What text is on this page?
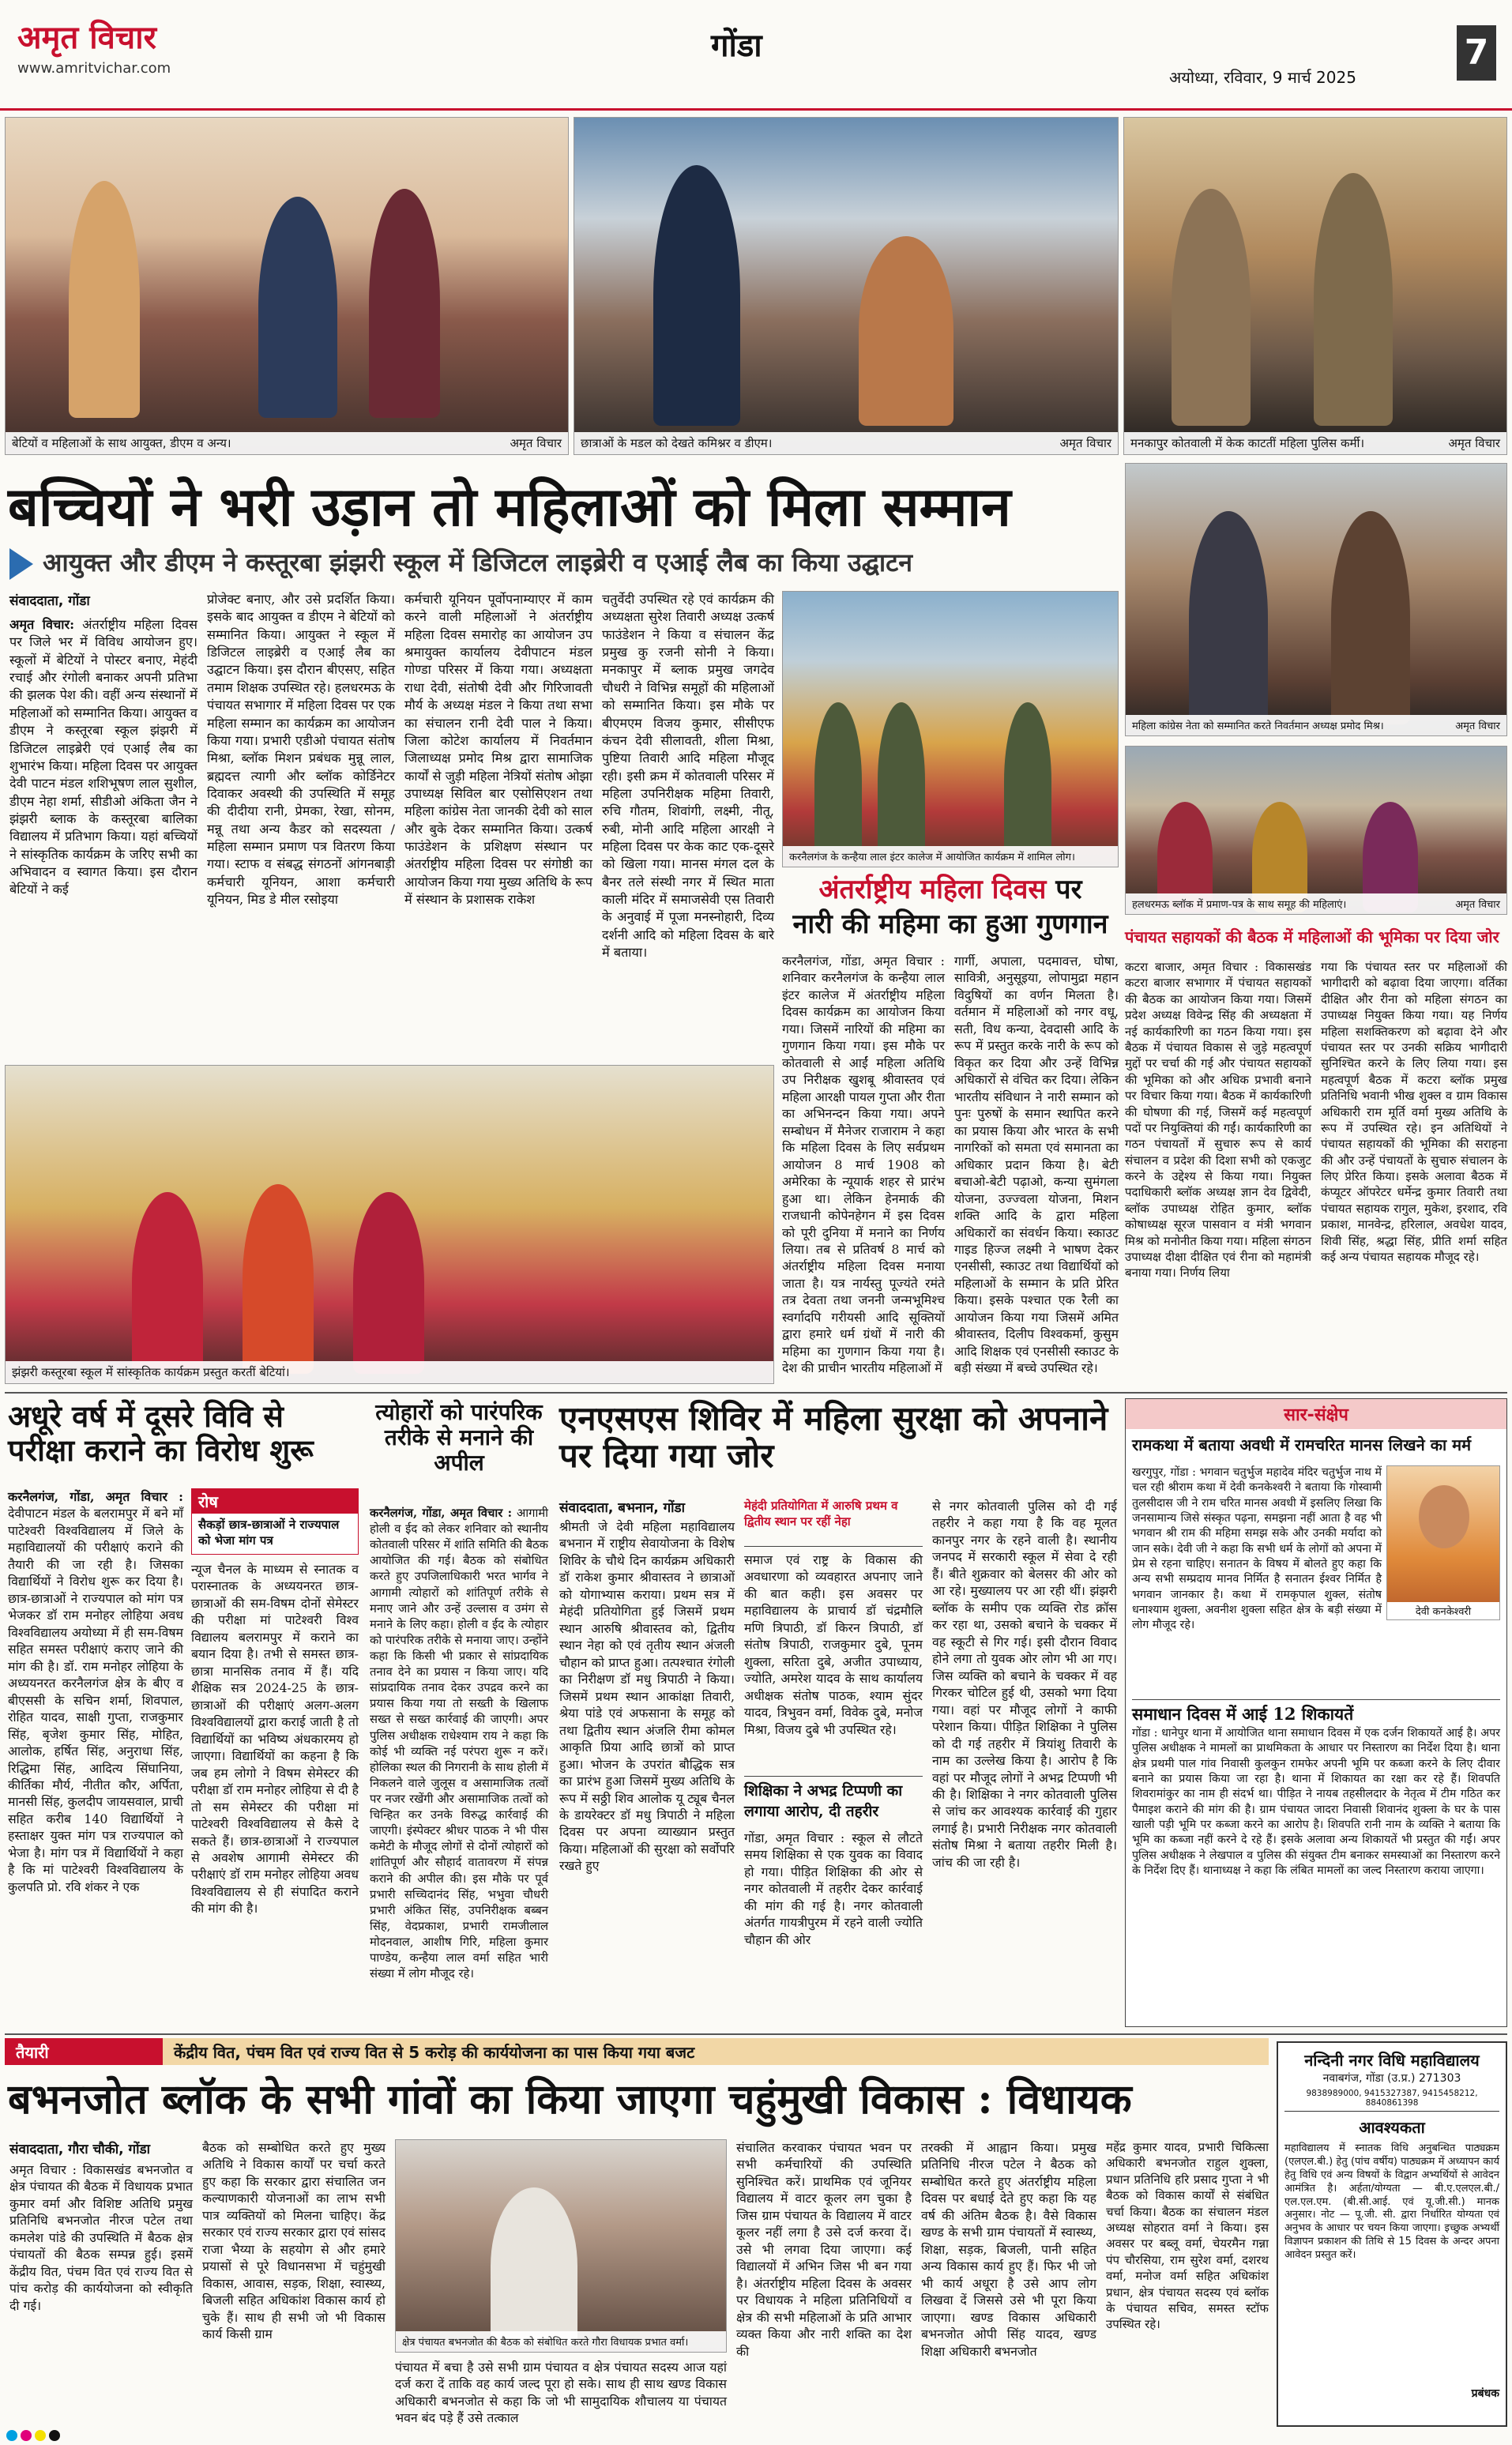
अमृत विचार
www.amritvichar.com
गोंडा
अयोध्या, रविवार, 9 मार्च 2025
7
बेटियों व महिलाओं के साथ आयुक्त, डीएम व अन्य।	अमृत विचार छात्राओं के मडल को देखते कमिश्नर व डीएम।	अमृत विचार मनकापुर कोतवाली में केक काटतीं महिला पुलिस कर्मी।	अमृत विचार
बच्चियों ने भरी उड़ान तो महिलाओं को मिला सम्मान
आयुक्त और डीएम ने कस्तूरबा झंझरी स्कूल में डिजिटल लाइब्रेरी व एआई लैब का किया उद्घाटन
संवाददाता, गोंडा
अमृत विचार: अंतर्राष्ट्रीय महिला दिवस पर जिले भर में विविध आयोजन हुए। स्कूलों में बेटियों ने पोस्टर बनाए, मेहंदी रचाई और रंगोली बनाकर अपनी प्रतिभा की झलक पेश की। वहीं अन्य संस्थानों में महिलाओं को सम्मानित किया। आयुक्त व डीएम ने कस्तूरबा स्कूल झंझरी में डिजिटल लाइब्रेरी एवं एआई लैब का शुभारंभ किया। महिला दिवस पर आयुक्त देवी पाटन मंडल शशिभूषण लाल सुशील, डीएम नेहा शर्मा, सीडीओ अंकिता जैन ने झंझरी ब्लाक के कस्तूरबा बालिका विद्यालय में प्रतिभाग किया। यहां बच्चियों ने सांस्कृतिक कार्यक्रम के जरिए सभी का अभिवादन व स्वागत किया। इस दौरान बेटियों ने कई
प्रोजेक्ट बनाए, और उसे प्रदर्शित किया। इसके बाद आयुक्त व डीएम ने बेटियों को सम्मानित किया। आयुक्त ने स्कूल में डिजिटल लाइब्रेरी व एआई लैब का उद्घाटन किया। इस दौरान बीएसए, सहित तमाम शिक्षक उपस्थित रहे। हलधरमऊ के पंचायत सभागार में महिला दिवस पर एक महिला सम्मान का कार्यक्रम का आयोजन किया गया। प्रभारी एडीओ पंचायत संतोष मिश्रा, ब्लॉक मिशन प्रबंधक मुन्नू लाल, ब्रह्मदत्त त्यागी और ब्लॉक कोर्डिनेटर दिवाकर अवस्थी की उपस्थिति में समूह की दीदीया रानी, प्रेमका, रेखा, सोनम, मन्नू तथा अन्य कैडर को सदस्यता / महिला सम्मान प्रमाण पत्र वितरण किया गया। स्टाफ व संबद्ध संगठनों आंगनबाड़ी कर्मचारी यूनियन, आशा कर्मचारी यूनियन, मिड डे मील रसोइया
कर्मचारी यूनियन पूर्वोपनाम्याएर में काम करने वाली महिलाओं ने अंतर्राष्ट्रीय महिला दिवस समारोह का आयोजन उप श्रमायुक्त कार्यालय देवीपाटन मंडल गोण्डा परिसर में किया गया। अध्यक्षता राधा देवी, संतोषी देवी और गिरिजावती मौर्य के अध्यक्ष मंडल ने किया तथा सभा का संचालन रानी देवी पाल ने किया। जिला कोटेश कार्यालय में निवर्तमान जिलाध्यक्ष प्रमोद मिश्र द्वारा सामाजिक कार्यों से जुड़ी महिला नेत्रियों संतोष ओझा उपाध्यक्ष सिविल बार एसोसिएशन तथा महिला कांग्रेस नेता जानकी देवी को साल और बुके देकर सम्मानित किया। उत्कर्ष फाउंडेशन के प्रशिक्षण संस्थान पर अंतर्राष्ट्रीय महिला दिवस पर संगोष्ठी का आयोजन किया गया मुख्य अतिथि के रूप में संस्थान के प्रशासक राकेश
चतुर्वेदी उपस्थित रहे एवं कार्यक्रम की अध्यक्षता सुरेश तिवारी अध्यक्ष उत्कर्ष फाउंडेशन ने किया व संचालन केंद्र प्रमुख कु रजनी सोनी ने किया। मनकापुर में ब्लाक प्रमुख जगदेव चौधरी ने विभिन्न समूहों की महिलाओं को सम्मानित किया। इस मौके पर बीएमएम विजय कुमार, सीसीएफ कंचन देवी सीलावती, शीला मिश्रा, पुष्टिया तिवारी आदि महिला मौजूद रही। इसी क्रम में कोतवाली परिसर में महिला उपनिरीक्षक महिमा तिवारी, रुचि गौतम, शिवांगी, लक्ष्मी, नीतू, रुबी, मोनी आदि महिला आरक्षी ने महिला दिवस पर केक काट एक-दूसरे को खिला गया। मानस मंगल दल के बैनर तले संस्थी नगर में स्थित माता काली मंदिर में समाजसेवी एस तिवारी के अनुवाई में पूजा मनस्नोहारी, दिव्य दर्शनी आदि को महिला दिवस के बारे में बताया।
करनैलगंज के कन्हैया लाल इंटर कालेज में आयोजित कार्यक्रम में शामिल लोग।
अंतर्राष्ट्रीय महिला दिवस पर
नारी की महिमा का हुआ गुणगान
करनैलगंज, गोंडा, अमृत विचार : शनिवार करनैलगंज के कन्हैया लाल इंटर कालेज में अंतर्राष्ट्रीय महिला दिवस कार्यक्रम का आयोजन किया गया। जिसमें नारियों की महिमा का गुणगान किया गया। इस मौके पर कोतवाली से आईं महिला अतिथि उप निरीक्षक खुशबू श्रीवास्तव एवं महिला आरक्षी पायल गुप्ता और रीता का अभिनन्दन किया गया। अपने सम्बोधन में मैनेजर राजाराम ने कहा कि महिला दिवस के लिए सर्वप्रथम आयोजन 8 मार्च 1908 को अमेरिका के न्यूयार्क शहर से प्रारंभ हुआ था। लेकिन हेनमार्क की राजधानी कोपेनहेगन में इस दिवस को पूरी दुनिया में मनाने का निर्णय लिया। तब से प्रतिवर्ष 8 मार्च को अंतर्राष्ट्रीय महिला दिवस मनाया जाता है। यत्र नार्यस्तु पूज्यंते रमंते तत्र देवता तथा जननी जन्मभूमिश्च स्वर्गादपि गरीयसी आदि सूक्तियों द्वारा हमारे धर्म ग्रंथों में नारी की महिमा का गुणगान किया गया है। देश की प्राचीन भारतीय महिलाओं में
गार्गी, अपाला, पदमावत्त, घोषा, सावित्री, अनुसूइया, लोपामुद्रा महान विदुषियों का वर्णन मिलता है। वर्तमान में महिलाओं को नगर वधू, सती, विध कन्या, देवदासी आदि के रूप में प्रस्तुत करके नारी के रूप को विकृत कर दिया और उन्हें विभिन्न अधिकारों से वंचित कर दिया। लेकिन भारतीय संविधान ने नारी सम्मान को पुनः पुरुषों के समान स्थापित करने का प्रयास किया और भारत के सभी नागरिकों को समता एवं समानता का अधिकार प्रदान किया है। बेटी बचाओ-बेटी पढ़ाओ, कन्या सुमंगला योजना, उज्ज्वला योजना, मिशन शक्ति आदि के द्वारा महिला अधिकारों का संवर्धन किया। स्काउट गाइड हिज्ज लक्ष्मी ने भाषण देकर एनसीसी, स्काउट तथा विद्यार्थियों को महिलाओं के सम्मान के प्रति प्रेरित किया। इसके पश्चात एक रैली का आयोजन किया गया जिसमें अमित श्रीवास्तव, दिलीप विश्वकर्मा, कुसुम आदि शिक्षक एवं एनसीसी स्काउट के बड़ी संख्या में बच्चे उपस्थित रहे।
झंझरी कस्तूरबा स्कूल में सांस्कृतिक कार्यक्रम प्रस्तुत करतीं बेटियां।
महिला कांग्रेस नेता को सम्मानित करते निवर्तमान अध्यक्ष प्रमोद मिश्र।	अमृत विचार
हलधरमऊ ब्लॉक में प्रमाण-पत्र के साथ समूह की महिलाएं।	अमृत विचार
पंचायत सहायकों की बैठक में महिलाओं की भूमिका पर दिया जोर
कटरा बाजार, अमृत विचार : विकासखंड कटरा बाजार सभागार में पंचायत सहायकों की बैठक का आयोजन किया गया। जिसमें प्रदेश अध्यक्ष विवेन्द्र सिंह की अध्यक्षता में नई कार्यकारिणी का गठन किया गया। इस बैठक में पंचायत विकास से जुड़े महत्वपूर्ण मुद्दों पर चर्चा की गई और पंचायत सहायकों की भूमिका को और अधिक प्रभावी बनाने पर विचार किया गया। बैठक में कार्यकारिणी की घोषणा की गई, जिसमें कई महत्वपूर्ण पदों पर नियुक्तियां की गईं। कार्यकारिणी का गठन पंचायतों में सुचारु रूप से कार्य संचालन व प्रदेश की दिशा सभी को एकजुट करने के उद्देश्य से किया गया। नियुक्त पदाधिकारी ब्लॉक अध्यक्ष ज्ञान देव द्विवेदी, ब्लॉक उपाध्यक्ष रोहित कुमार, ब्लॉक कोषाध्यक्ष सूरज पासवान व मंत्री भगवान मिश्र को मनोनीत किया गया। महिला संगठन उपाध्यक्ष दीक्षा दीक्षित एवं रीना को महामंत्री बनाया गया। निर्णय लिया
गया कि पंचायत स्तर पर महिलाओं की भागीदारी को बढ़ावा दिया जाएगा। वर्तिका दीक्षित और रीना को महिला संगठन का उपाध्यक्ष नियुक्त किया गया। यह निर्णय महिला सशक्तिकरण को बढ़ावा देने और पंचायत स्तर पर उनकी सक्रिय भागीदारी सुनिश्चित करने के लिए लिया गया। इस महत्वपूर्ण बैठक में कटरा ब्लॉक प्रमुख प्रतिनिधि भवानी भीख शुक्ल व ग्राम विकास अधिकारी राम मूर्ति वर्मा मुख्य अतिथि के रूप में उपस्थित रहे। इन अतिथियों ने पंचायत सहायकों की भूमिका की सराहना की और उन्हें पंचायतों के सुचारु संचालन के लिए प्रेरित किया। इसके अलावा बैठक में कंप्यूटर ऑपरेटर धर्मेन्द्र कुमार तिवारी तथा पंचायत सहायक रागुल, मुकेश, इरशाद, रवि प्रकाश, मानवेन्द्र, हरिलाल, अवधेश यादव, शिवी सिंह, श्रद्धा सिंह, प्रीति शर्मा सहित कई अन्य पंचायत सहायक मौजूद रहे।
अधूरे वर्ष में दूसरे विवि से परीक्षा कराने का विरोध शुरू
करनैलगंज, गोंडा, अमृत विचार : देवीपाटन मंडल के बलरामपुर में बने माँ पाटेश्वरी विश्वविद्यालय में जिले के महाविद्यालयों की परीक्षाएं कराने की तैयारी की जा रही है। जिसका विद्यार्थियों ने विरोध शुरू कर दिया है। छात्र-छात्राओं ने राज्यपाल को मांग पत्र भेजकर डॉ राम मनोहर लोहिया अवध विश्वविद्यालय अयोध्या में ही सम-विषम सहित समस्त परीक्षाएं कराए जाने की मांग की है। डॉ. राम मनोहर लोहिया के अध्ययनरत करनैलगंज क्षेत्र के बीए व बीएससी के सचिन शर्मा, शिवपाल, रोहित यादव, साक्षी गुप्ता, राजकुमार सिंह, बृजेश कुमार सिंह, मोहित, आलोक, हर्षित सिंह, अनुराधा सिंह, रिद्धिमा सिंह, आदित्य सिंघानिया, कीर्तिका मौर्य, नीतीत कौर, अर्पिता, मानसी सिंह, कुलदीप जायसवाल, प्राची सहित करीब 140 विद्यार्थियों ने हस्ताक्षर युक्त मांग पत्र राज्यपाल को भेजा है। मांग पत्र में विद्यार्थियों ने कहा है कि मां पाटेश्वरी विश्वविद्यालय के कुलपति प्रो. रवि शंकर ने एक
रोष
सैकड़ों छात्र-छात्राओं ने राज्यपाल को भेजा मांग पत्र
न्यूज चैनल के माध्यम से स्नातक व परास्नातक के अध्ययनरत छात्र-छात्राओं की सम-विषम दोनों सेमेस्टर की परीक्षा मां पाटेश्वरी विश्व विद्यालय बलरामपुर में कराने का बयान दिया है। तभी से समस्त छात्र-छात्रा मानसिक तनाव में हैं। यदि शैक्षिक सत्र 2024-25 के छात्र-छात्राओं की परीक्षाएं अलग-अलग विश्वविद्यालयों द्वारा कराई जाती है तो विद्यार्थियों का भविष्य अंधकारमय हो जाएगा। विद्यार्थियों का कहना है कि जब हम लोगो ने विषम सेमेस्टर की परीक्षा डॉ राम मनोहर लोहिया से दी है तो सम सेमेस्टर की परीक्षा मां पाटेश्वरी विश्वविद्यालय से कैसे दे सकते हैं। छात्र-छात्राओं ने राज्यपाल से अवशेष आगामी सेमेस्टर की परीक्षाएं डॉ राम मनोहर लोहिया अवध विश्वविद्यालय से ही संपादित कराने की मांग की है।
त्योहारों को पारंपरिक तरीके से मनाने की अपील
करनैलगंज, गोंडा, अमृत विचार : आगामी होली व ईद को लेकर शनिवार को स्थानीय कोतवाली परिसर में शांति समिति की बैठक आयोजित की गई। बैठक को संबोधित करते हुए उपजिलाधिकारी भरत भार्गव ने आगामी त्योहारों को शांतिपूर्ण तरीके से मनाए जाने और उन्हें उल्लास व उमंग से मनाने के लिए कहा। होली व ईद के त्योहार को पारंपरिक तरीके से मनाया जाए। उन्होंने कहा कि किसी भी प्रकार से सांप्रदायिक तनाव देने का प्रयास न किया जाए। यदि सांप्रदायिक तनाव देकर उपद्रव करने का प्रयास किया गया तो सख्ती के खिलाफ सख्त से सख्त कार्रवाई की जाएगी। अपर पुलिस अधीक्षक राधेश्याम राय ने कहा कि कोई भी व्यक्ति नई परंपरा शुरू न करें। होलिका स्थल की निगरानी के साथ होली में निकलने वाले जुलूस व असामाजिक तत्वों पर नजर रखेंगी और असामाजिक तत्वों को चिन्हित कर उनके विरुद्ध कार्रवाई की जाएगी। इंस्पेक्टर श्रीधर पाठक ने भी पीस कमेटी के मौजूद लोगों से दोनों त्योहारों को शांतिपूर्ण और सौहार्द वातावरण में संपन्न कराने की अपील की। इस मौके पर पूर्व प्रभारी सच्चिदानंद सिंह, भभुवा चौधरी प्रभारी अंकित सिंह, उपनिरीक्षक बब्बन सिंह, वेदप्रकाश, प्रभारी रामजीलाल मोदनवाल, आशीष गिरि, महिला कुमार पाण्डेय, कन्हैया लाल वर्मा सहित भारी संख्या में लोग मौजूद रहे।
एनएसएस शिविर में महिला सुरक्षा को अपनाने पर दिया गया जोर
संवाददाता, बभनान, गोंडा
श्रीमती जे देवी महिला महाविद्यालय बभनान में राष्ट्रीय सेवायोजना के विशेष शिविर के चौथे दिन कार्यक्रम अधिकारी डॉ राकेश कुमार श्रीवास्तव ने छात्राओं को योगाभ्यास कराया। प्रथम सत्र में मेहंदी प्रतियोगिता हुई जिसमें प्रथम स्थान आरुषि श्रीवास्तव को, द्वितीय स्थान नेहा को एवं तृतीय स्थान अंजली चौहान को प्राप्त हुआ। तत्पश्चात रंगोली का निरीक्षण डॉ मधु त्रिपाठी ने किया। जिसमें प्रथम स्थान आकांक्षा तिवारी, श्रेया पांडे एवं अफसाना के समूह को तथा द्वितीय स्थान अंजलि रीमा कोमल आकृति प्रिया आदि छात्रों को प्राप्त हुआ। भोजन के उपरांत बौद्धिक सत्र का प्रारंभ हुआ जिसमें मुख्य अतिथि के रूप में सठ्ठी शिव आलोक यू ट्यूब चैनल के डायरेक्टर डॉ मधु त्रिपाठी ने महिला दिवस पर अपना व्याख्यान प्रस्तुत किया। महिलाओं की सुरक्षा को सर्वोपरि रखते हुए
मेहंदी प्रतियोगिता में आरुषि प्रथम व द्वितीय स्थान पर रहीं नेहा
समाज एवं राष्ट्र के विकास की अवधारणा को व्यवहारत अपनाए जाने की बात कही। इस अवसर पर महाविद्यालय के प्राचार्य डॉ चंद्रमौलि मणि त्रिपाठी, डॉ किरन त्रिपाठी, डॉ संतोष त्रिपाठी, राजकुमार दुबे, पूनम शुक्ला, सरिता दुबे, अजीत उपाध्याय, ज्योति, अमरेश यादव के साथ कार्यालय अधीक्षक संतोष पाठक, श्याम सुंदर यादव, त्रिभुवन वर्मा, विवेक दुबे, मनोज मिश्रा, विजय दुबे भी उपस्थित रहे।
शिक्षिका ने अभद्र टिप्पणी का लगाया आरोप, दी तहरीर
गोंडा, अमृत विचार : स्कूल से लौटते समय शिक्षिका से एक युवक का विवाद हो गया। पीड़ित शिक्षिका की ओर से नगर कोतवाली में तहरीर देकर कार्रवाई की मांग की गई है। नगर कोतवाली अंतर्गत गायत्रीपुरम में रहने वाली ज्योति चौहान की ओर
से नगर कोतवाली पुलिस को दी गई तहरीर ने कहा गया है कि वह मूलत कानपुर नगर के रहने वाली है। स्थानीय जनपद में सरकारी स्कूल में सेवा दे रही हैं। बीते शुक्रवार को बेलसर की ओर को आ रहे। मुख्यालय पर आ रही थीं। झंझरी ब्लॉक के समीप एक व्यक्ति रोड क्रॉस कर रहा था, उसको बचाने के चक्कर में वह स्कूटी से गिर गई। इसी दौरान विवाद होने लगा तो युवक ओर लोग भी आ गए। जिस व्यक्ति को बचाने के चक्कर में वह गिरकर चोटिल हुई थी, उसको भगा दिया गया। वहां पर मौजूद लोगों ने काफी परेशान किया। पीड़ित शिक्षिका ने पुलिस को दी गई तहरीर में त्रियांशु तिवारी के नाम का उल्लेख किया है। आरोप है कि वहां पर मौजूद लोगों ने अभद्र टिप्पणी भी की है। शिक्षिका ने नगर कोतवाली पुलिस से जांच कर आवश्यक कार्रवाई की गुहार लगाई है। प्रभारी निरीक्षक नगर कोतवाली संतोष मिश्रा ने बताया तहरीर मिली है। जांच की जा रही है।
सार-संक्षेप
रामकथा में बताया अवधी में रामचरित मानस लिखने का मर्म
देवी कनकेश्वरी
खरगुपुर, गोंडा : भगवान चतुर्भुज महादेव मंदिर चतुर्भुज नाथ में चल रही श्रीराम कथा में देवी कनकेश्वरी ने बताया कि गोस्वामी तुलसीदास जी ने राम चरित मानस अवधी में इसलिए लिखा कि जनसामान्य जिसे संस्कृत पढ़ना, समझना नहीं आता है वह भी भगवान श्री राम की महिमा समझ सके और उनकी मर्यादा को जान सके। देवी जी ने कहा कि सभी धर्म के लोगों को अपना में प्रेम से रहना चाहिए। सनातन के विषय में बोलते हुए कहा कि अन्य सभी सम्प्रदाय मानव निर्मित है सनातन ईश्वर निर्मित है भगवान जानकार है। कथा में रामकृपाल शुक्ल, संतोष धनाश्याम शुक्ला, अवनीश शुक्ला सहित क्षेत्र के बड़ी संख्या में लोग मौजूद रहे।
समाधान दिवस में आई 12 शिकायतें
गोंडा : धानेपुर थाना में आयोजित थाना समाधान दिवस में एक दर्जन शिकायतें आई है। अपर पुलिस अधीक्षक ने मामलों का प्राथमिकता के आधार पर निस्तारण का निर्देश दिया है। थाना क्षेत्र प्रथमी पाल गांव निवासी कुलकुन रामफेर अपनी भूमि पर कब्जा करने के लिए दीवार बनाने का प्रयास किया जा रहा है। थाना में शिकायत का रक्षा कर रहे हैं। शिवपति शिवरामांकुर का नाम ही संदर्भ था। पीड़ित ने नायब तहसीलदार के नेतृत्व में टीम गठित कर पैमाइश कराने की मांग की है। ग्राम पंचायत जादरा निवासी शिवानंद शुक्ला के घर के पास खाली पड़ी भूमि पर कब्जा करने का आरोप है। शिवपति रानी नाम के व्यक्ति ने बताया कि भूमि का कब्जा नहीं करने दे रहे हैं। इसके अलावा अन्य शिकायतें भी प्रस्तुत की गईं। अपर पुलिस अधीक्षक ने लेखपाल व पुलिस की संयुक्त टीम बनाकर समस्याओं का निस्तारण करने के निर्देश दिए हैं। थानाध्यक्ष ने कहा कि लंबित मामलों का जल्द निस्तारण कराया जाएगा।
तैयारी	केंद्रीय वित, पंचम वित एवं राज्य वित से 5 करोड़ की कार्ययोजना का पास किया गया बजट
बभनजोत ब्लॉक के सभी गांवों का किया जाएगा चहुंमुखी विकास : विधायक
संवाददाता, गौरा चौकी, गोंडा
अमृत विचार : विकासखंड बभनजोत व क्षेत्र पंचायत की बैठक में विधायक प्रभात कुमार वर्मा और विशिष्ट अतिथि प्रमुख प्रतिनिधि बभनजोत नीरज पटेल तथा कमलेश पांडे की उपस्थिति में बैठक क्षेत्र पंचायतों की बैठक सम्पन्न हुई। इसमें केंद्रीय वित, पंचम वित एवं राज्य वित से पांच करोड़ की कार्ययोजना को स्वीकृति दी गई।
बैठक को सम्बोधित करते हुए मुख्य अतिथि ने विकास कार्यों पर चर्चा करते हुए कहा कि सरकार द्वारा संचालित जन कल्याणकारी योजनाओं का लाभ सभी पात्र व्यक्तियों को मिलना चाहिए। केंद्र सरकार एवं राज्य सरकार द्वारा एवं सांसद राजा भैय्या के सहयोग से और हमारे प्रयासों से पूरे विधानसभा में चहुंमुखी विकास, आवास, सड़क, शिक्षा, स्वास्थ्य, बिजली सहित अधिकांश विकास कार्य हो चुके हैं। साथ ही सभी जो भी विकास कार्य किसी ग्राम
क्षेत्र पंचायत बभनजोत की बैठक को संबोधित करते गौरा विधायक प्रभात वर्मा।
पंचायत में बचा है उसे सभी ग्राम पंचायत व क्षेत्र पंचायत सदस्य आज यहां दर्ज करा दें ताकि वह कार्य जल्द पूरा हो सके। साथ ही साथ खण्ड विकास अधिकारी बभनजोत से कहा कि जो भी सामुदायिक शौचालय या पंचायत भवन बंद पड़े हैं उसे तत्काल
संचालित करवाकर पंचायत भवन पर सभी कर्मचारियों की उपस्थिति सुनिश्चित करें। प्राथमिक एवं जूनियर विद्यालय में वाटर कूलर लग चुका है जिस ग्राम पंचायत के विद्यालय में वाटर कूलर नहीं लगा है उसे दर्ज करवा दें। उसे भी लगवा दिया जाएगा। कई विद्यालयों में अभिन जिस भी बन गया है। अंतर्राष्ट्रीय महिला दिवस के अवसर पर विधायक ने महिला प्रतिनिधियों व क्षेत्र की सभी महिलाओं के प्रति आभार व्यक्त किया और नारी शक्ति का देश की
तरक्की में आह्वान किया। प्रमुख प्रतिनिधि नीरज पटेल ने बैठक को सम्बोधित करते हुए अंतर्राष्ट्रीय महिला दिवस पर बधाई देते हुए कहा कि यह वर्ष की अंतिम बैठक है। वैसे विकास खण्ड के सभी ग्राम पंचायतों में स्वास्थ्य, शिक्षा, सड़क, बिजली, पानी सहित अन्य विकास कार्य हुए हैं। फिर भी जो भी कार्य अधूरा है उसे आप लोग लिखवा दें जिससे उसे भी पूरा किया जाएगा। खण्ड विकास अधिकारी बभनजोत ओपी सिंह यादव, खण्ड शिक्षा अधिकारी बभनजोत
महेंद्र कुमार यादव, प्रभारी चिकित्सा अधिकारी बभनजोत राहुल शुक्ला, प्रधान प्रतिनिधि हरि प्रसाद गुप्ता ने भी बैठक को विकास कार्यों से संबंधित चर्चा किया। बैठक का संचालन मंडल अध्यक्ष सोहरात वर्मा ने किया। इस अवसर पर बब्लू वर्मा, चेयरमैन गन्ना पंप चौरसिया, राम सुरेश वर्मा, दशरथ वर्मा, मनोज वर्मा सहित अधिकांश प्रधान, क्षेत्र पंचायत सदस्य एवं ब्लॉक के पंचायत सचिव, समस्त स्टॉफ उपस्थित रहे।
नन्दिनी नगर विधि महाविद्यालय
नवाबगंज, गोंडा (उ.प्र.) 271303
9838989000, 9415327387, 9415458212, 8840861398
आवश्यकता
महाविद्यालय में स्नातक विधि अनुबन्धित पाठ्यक्रम (एलएल.बी.) हेतु (पांच वर्षीय) पाठ्यक्रम में अध्यापन कार्य हेतु विधि एवं अन्य विषयों के विद्वान अभ्यर्थियों से आवेदन आमंत्रित है। अर्हता/योग्यता — बी.ए.एलएल.बी./एल.एल.एम. (बी.सी.आई. एवं यू.जी.सी.) मानक अनुसार। नोट — पू.जी. सी. द्वारा निर्धारित योग्यता एवं अनुभव के आधार पर चयन किया जाएगा। इच्छुक अभ्यर्थी विज्ञापन प्रकाशन की तिथि से 15 दिवस के अन्दर अपना आवेदन प्रस्तुत करें।
प्रबंधक
